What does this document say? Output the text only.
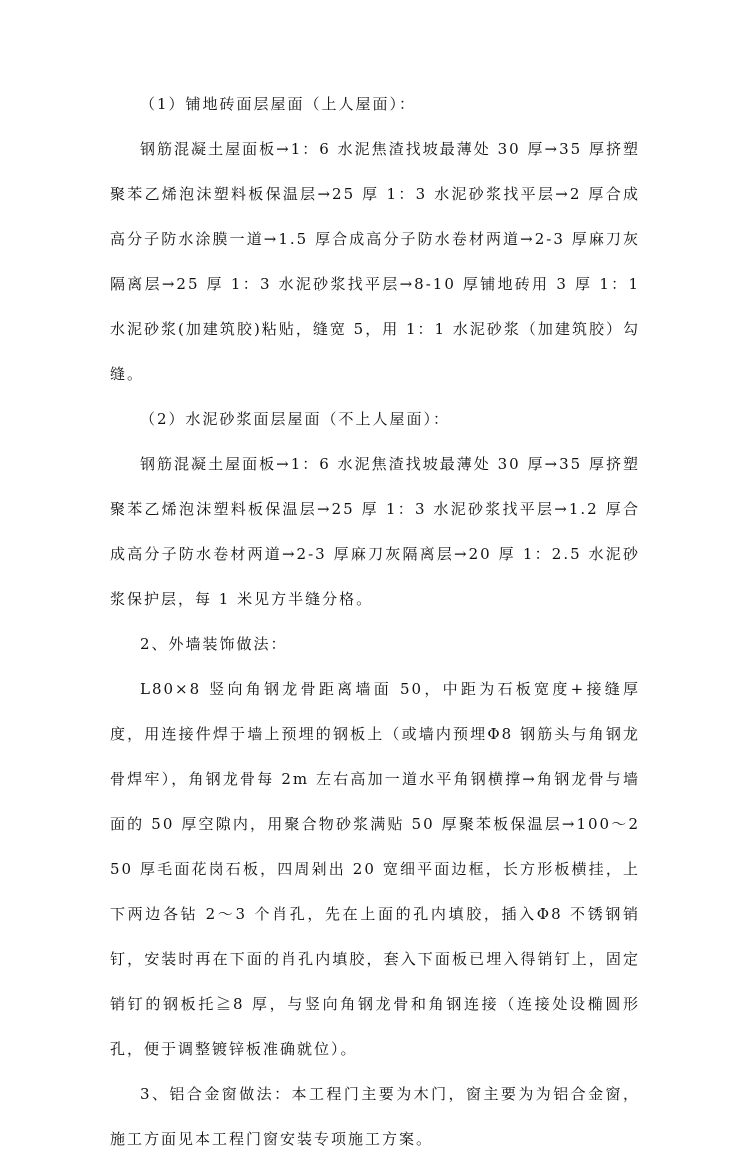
（1）铺地砖面层屋面（上人屋面）：

钢筋混凝土屋面板→1：6 水泥焦渣找坡最薄处 30 厚→35 厚挤塑聚苯乙烯泡沫塑料板保温层→25 厚 1：3 水泥砂浆找平层→2 厚合成高分子防水涂膜一道→1.5 厚合成高分子防水卷材两道→2-3 厚麻刀灰隔离层→25 厚 1：3 水泥砂浆找平层→8-10 厚铺地砖用 3 厚 1：1 水泥砂浆(加建筑胶)粘贴，缝宽 5，用 1：1 水泥砂浆（加建筑胶）勾缝。

（2）水泥砂浆面层屋面（不上人屋面）：

钢筋混凝土屋面板→1：6 水泥焦渣找坡最薄处 30 厚→35 厚挤塑聚苯乙烯泡沫塑料板保温层→25 厚 1：3 水泥砂浆找平层→1.2 厚合成高分子防水卷材两道→2-3 厚麻刀灰隔离层→20 厚 1：2.5 水泥砂浆保护层，每 1 米见方半缝分格。

2、外墙装饰做法：

L80×8 竖向角钢龙骨距离墙面 50，中距为石板宽度+接缝厚度，用连接件焊于墙上预埋的钢板上（或墙内预埋Φ8 钢筋头与角钢龙骨焊牢），角钢龙骨每 2m 左右高加一道水平角钢横撑→角钢龙骨与墙面的 50 厚空隙内，用聚合物砂浆满贴 50 厚聚苯板保温层→100～250 厚毛面花岗石板，四周剁出 20 宽细平面边框，长方形板横挂，上下两边各钻 2～3 个肖孔，先在上面的孔内填胶，插入Φ8 不锈钢销钉，安装时再在下面的肖孔内填胶，套入下面板已埋入得销钉上，固定销钉的钢板托≧8 厚，与竖向角钢龙骨和角钢连接（连接处设椭圆形孔，便于调整镀锌板准确就位）。

3、铝合金窗做法：本工程门主要为木门，窗主要为为铝合金窗，施工方面见本工程门窗安装专项施工方案。
